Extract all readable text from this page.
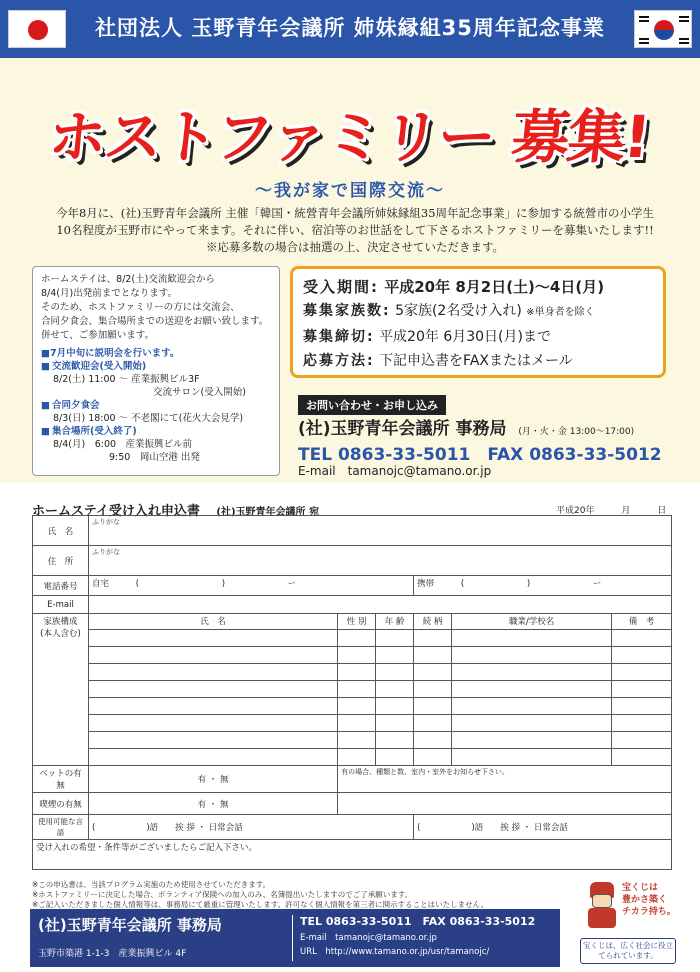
社団法人 玉野青年会議所 姉妹縁組35周年記念事業
ホストファミリー 募集!
〜我が家で国際交流〜
今年8月に、(社)玉野青年会議所 主催「韓国・統營青年会議所姉妹縁組35周年記念事業」に参加する統營市の小学生
10名程度が玉野市にやって来ます。それに伴い、宿泊等のお世話をして下さるホストファミリーを募集いたします!!
※応募多数の場合は抽選の上、決定させていただきます。

ホームステイは、8/2(土)交流歓迎会から

8/4(月)出発前までとなります。

そのため、ホストファミリーの方には交流会、

合同夕食会、集合場所までの送迎をお願い致します。

併せて、ご参加願います。

■7月中旬に説明会を行います。
■ 交流歓迎会(受入開始)
8/2(土) 11:00 〜 産業振興ビル3F
交流サロン(受入開始)
■ 合同夕食会
8/3(日) 18:00 〜 不老閣にて(花火大会見学)
■ 集合場所(受入終了)
8/4(月)　6:00　産業振興ビル前
9:50　岡山空港 出発
受入期間: 平成20年 8月2日(土)〜4日(月)
募集家族数: 5家族(2名受け入れ) ※単身者を除く
募集締切: 平成20年 6月30日(月)まで
応募方法: 下記申込書をFAXまたはメール
お問い合わせ・お申し込み
(社)玉野青年会議所 事務局 (月・火・金 13:00〜17:00)
TEL 0863-33-5011　FAX 0863-33-5012
E-mail　tamanojc@tamano.or.jp
ホームステイ受け入れ申込書 (社)玉野青年会議所 宛	平成20年	月	日
氏　名	ふりがな					
住　所	ふりがな					
電話番号	自宅 ( ) ー			携帯 ( ) ー		
E-mail						
家族構成
(本人含む)	氏　名	性 別	年 齢	続 柄	職業/学校名	備　考

ペットの有無	有 ・ 無	有の場合、種類と数、室内・室外をお知らせ下さい。				
喫煙の有無	有 ・ 無					
使用可能な言語	(　　　　　　)語　　挨 拶 ・ 日常会話			(　　　　　　)語　　挨 拶 ・ 日常会話		
受け入れの希望・条件等がございましたらご記入下さい。						
※この申込書は、当該プログラム実施のため使用させていただきます。
※ホストファミリーに決定した場合、ボランティア保険への加入のみ、名簿提出いたしますのでご了承願います。
※ご記入いただきました個人情報等は、事務局にて厳重に管理いたします。許可なく個人情報を第三者に開示することはいたしません。
(社)玉野青年会議所 事務局
玉野市築港 1-1-3　産業振興ビル 4F
TEL 0863-33-5011　FAX 0863-33-5012
E-mail　tamanojc@tamano.or.jp
URL　http://www.tamano.or.jp/usr/tamanojc/
宝くじは
豊かさ築く
チカラ持ち。
宝くじは、広く社会に役立てられています。
